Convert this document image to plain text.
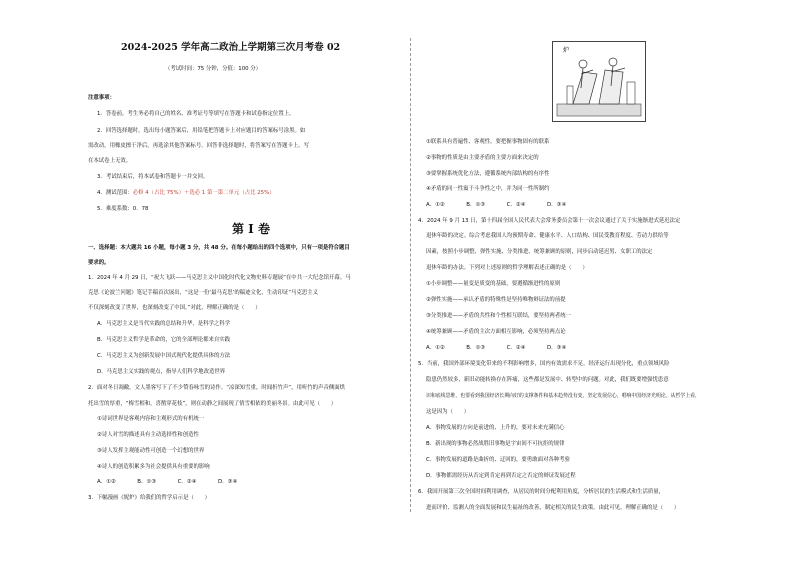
2024-2025 学年高二政治上学期第三次月考卷 02
（考试时间：75 分钟，分值：100 分）
注意事项：
1．答卷前，考生务必将自己的姓名、准考证号等填写在答题卡和试卷指定位置上。
2．回答选择题时，选出每小题答案后，用铅笔把答题卡上对应题目的答案标号涂黑。如
需改动，用橡皮擦干净后，再选涂其他答案标号。回答非选择题时，将答案写在答题卡上。写
在本试卷上无效。
3．考试结束后，将本试卷和答题卡一并交回。
4．测试范围：必修 4（占比 75%）＋选必 1 第一第二单元（占比 25%）
5．难度系数：0．78
第 Ⅰ 卷
一、选择题：本大题共 16 小题，每小题 3 分，共 48 分。在每小题给出的四个选项中，只有一项是符合题目
要求的。
1．2024 年 4 月 29 日，“祝大飞跃——马克思主义中国化时代化文物史料专题展”在中共一大纪念馆开幕。马
克思《论波兰问题》笔记手稿首次展出，“这是一份‘最马克思’的稿迹文化，生动印证”马克思主义
不仅深刻改变了世界，也深刻改变了中国。”对此，理解正确的是（　　）
A．马克思主义是当代实践的总结和升华，是科学之科学
B．马克思主义哲学是革命的，它的全部理论都来自实践
C．马克思主义为创新发展中国式现代化提供具体的方法
D．马克思主义实践的观点，指导人们科学地改造世界
2．面对冬日凋敝，文人墨客写下了不少赞春咏雪的诗作。“凉深知雪重，时闻折竹声”，用听竹的声音侧面烘
托出雪的厚重，“梅雪相和，喜鹊穿花枝”，则在动静之间展现了情雪相依的美丽冬景。由此可见（　　）
①诗词世界是客观内容和主观形式的有机统一
②诗人对雪的描述具有主动选择性和创造性
③诗人发挥主观能动性可创造一个幻想的世界
④诗人的创造积累多为社会提供具有重要的影响
A．①②　　　　B．①③　　　　C．②④　　　　D．③④
3．下幅漫画《妮炉》给我们的哲学启示是（　　）
炉
①联系具有普遍性、客观性，要把握事物固有的联系
②事物的性质是由主要矛盾的主要方面来决定的
③要掌握系统优化方法，遵循系统内部结构的有序性
④矛盾的同一性寓于斗争性之中，并为同一性所制约
A．①②　　　　B．①③　　　　C．②④　　　　D．③④
4．2024 年 9 月 13 日，第十四届全国人民代表大会常务委员会第十一次会议通过了关于实施渐进式延迟法定
退休年龄的决定。综合考虑我国人均预期寿命、健康水平、人口结构、国民受教育程度、劳动力供给等
因素，按照小步调整、弹性实施、分类推进、统筹兼顾的原则，同步启动延迟男、女职工的法定
退休年龄的办法。下列对上述原则的哲学理解表述正确的是（　　）
①小步调整——量变是质变的基础，要遵循渐进性的原则
②弹性实施——承认矛盾的特殊性是坚持唯物辩证法的前提
③分类推进——矛盾的共性和个性相互联结，要坚持两者统一
④统筹兼顾——矛盾的主次方面相互影响，必须坚持两点论
A．①②　　　　B．①③　　　　C．②④　　　　D．③④
5．当前，我国外部环境变化带来的不利影响增多，国内有效需求不足，经济运行出现分化，重点领域风险
隐患仍然较多，新旧动能转换存在阵痛，这些都是发展中、转型中的问题。对此，我们既要增强忧患意
识和底线思维，也要看到我国经济长期向好的支撑条件和基本趋势没有变，坚定发展信心，唱响中国经济光明论。从哲学上看，
这是因为（　　）
A．事物发展的方向是前进的、上升的，要对未来充满信心
B．新出现的事物必然战胜旧事物是宇宙间不可抗拒的规律
C．事物发展的道路是曲折的、迂回的，要勇敢面对各种考验
D．事物都需经历从否定到肯定再到否定之否定的辩证发展过程
6．我国开展第三次全国时间利用调查，从居民的时间分配利用角度，分析居民的生活模式和生活质量，
进而评价、监测人的全面发展和民生福祉的改善，制定相关的民生政策。由此可见，理解正确的是（　　）
